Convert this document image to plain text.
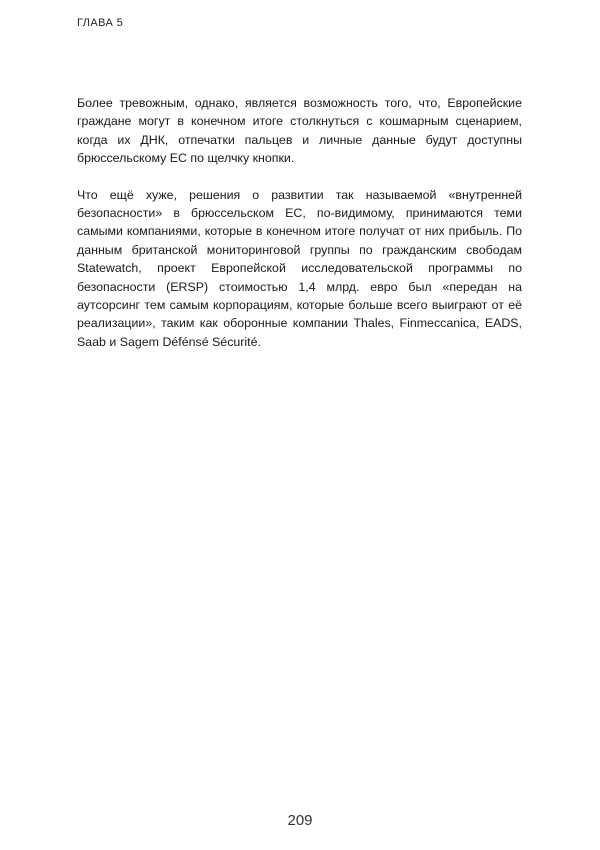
ГЛАВА 5

Более тревожным, однако, является возможность того, что, Европейские граждане могут в конечном итоге столкнуться с кошмарным сценарием, когда их ДНК, отпечатки пальцев и личные данные будут доступны брюссельскому ЕС по щелчку кнопки.

Что ещё хуже, решения о развитии так называемой «внутренней безопасности» в брюссельском ЕС, по-видимому, принимаются теми самыми компаниями, которые в конечном итоге получат от них прибыль. По данным британской мониторинговой группы по гражданским свободам Statewatch, проект Европейской исследовательской программы по безопасности (ERSP) стоимостью 1,4 млрд. евро был «передан на аутсорсинг тем самым корпорациям, которые больше всего выиграют от её реализации», таким как оборонные компании Thales, Finmeccanica, EADS, Saab и Sagem Défénsé Sécurité.

209
